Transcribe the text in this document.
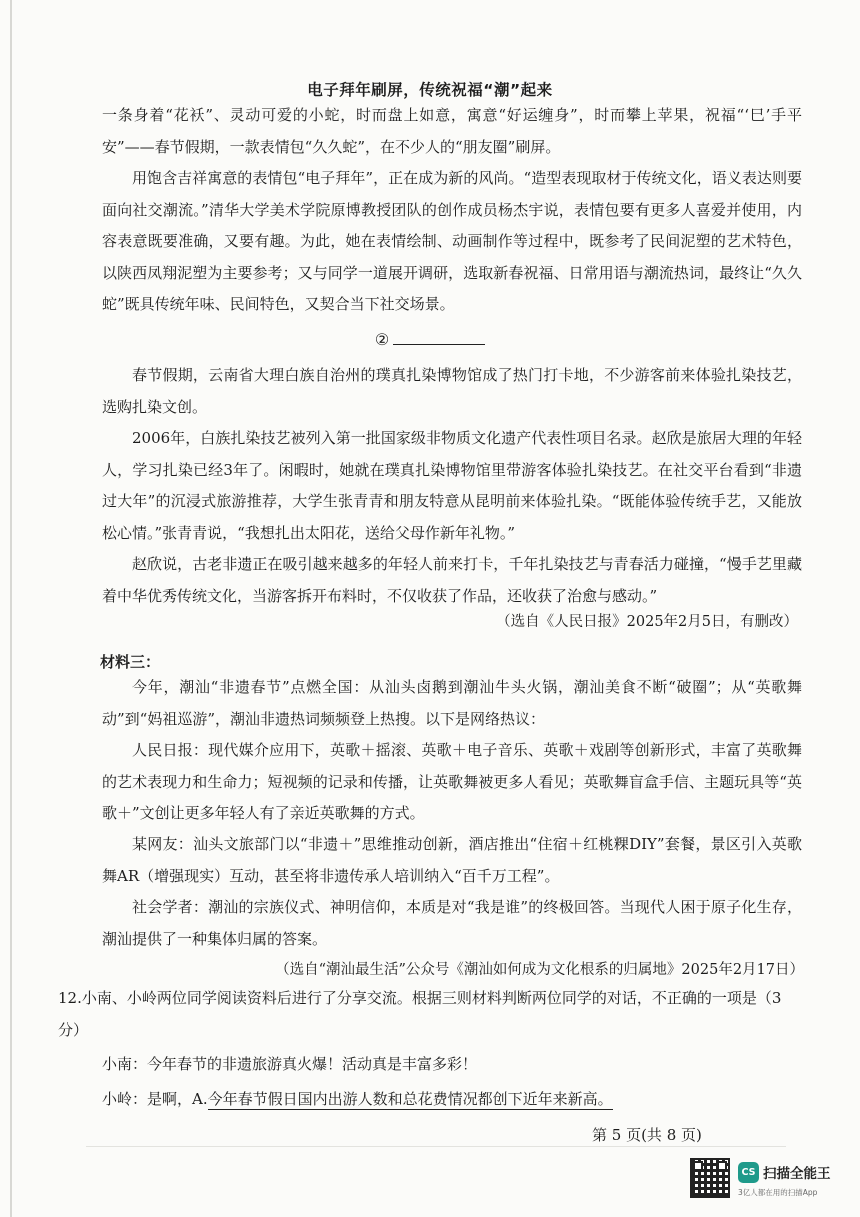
电子拜年刷屏，传统祝福“潮”起来

一条身着“花袄”、灵动可爱的小蛇，时而盘上如意，寓意“好运缠身”，时而攀上苹果，祝福“‘巳’手平安”——春节假期，一款表情包“久久蛇”，在不少人的“朋友圈”刷屏。

用饱含吉祥寓意的表情包“电子拜年”，正在成为新的风尚。“造型表现取材于传统文化，语义表达则要面向社交潮流。”清华大学美术学院原博教授团队的创作成员杨杰宇说，表情包要有更多人喜爱并使用，内容表意既要准确，又要有趣。为此，她在表情绘制、动画制作等过程中，既参考了民间泥塑的艺术特色，以陕西凤翔泥塑为主要参考；又与同学一道展开调研，选取新春祝福、日常用语与潮流热词，最终让“久久蛇”既具传统年味、民间特色，又契合当下社交场景。

②

春节假期，云南省大理白族自治州的璞真扎染博物馆成了热门打卡地，不少游客前来体验扎染技艺，选购扎染文创。

2006年，白族扎染技艺被列入第一批国家级非物质文化遗产代表性项目名录。赵欣是旅居大理的年轻人，学习扎染已经3年了。闲暇时，她就在璞真扎染博物馆里带游客体验扎染技艺。在社交平台看到“非遗过大年”的沉浸式旅游推荐，大学生张青青和朋友特意从昆明前来体验扎染。“既能体验传统手艺，又能放松心情。”张青青说，“我想扎出太阳花，送给父母作新年礼物。”

赵欣说，古老非遗正在吸引越来越多的年轻人前来打卡，千年扎染技艺与青春活力碰撞，“慢手艺里藏着中华优秀传统文化，当游客拆开布料时，不仅收获了作品，还收获了治愈与感动。”

（选自《人民日报》2025年2月5日，有删改）
材料三：

今年，潮汕“非遗春节”点燃全国：从汕头卤鹅到潮汕牛头火锅，潮汕美食不断“破圈”；从“英歌舞动”到“妈祖巡游”，潮汕非遗热词频频登上热搜。以下是网络热议：

人民日报：现代媒介应用下，英歌＋摇滚、英歌＋电子音乐、英歌＋戏剧等创新形式，丰富了英歌舞的艺术表现力和生命力；短视频的记录和传播，让英歌舞被更多人看见；英歌舞盲盒手信、主题玩具等“英歌＋”文创让更多年轻人有了亲近英歌舞的方式。

某网友：汕头文旅部门以“非遗＋”思维推动创新，酒店推出“住宿＋红桃粿DIY”套餐，景区引入英歌舞AR（增强现实）互动，甚至将非遗传承人培训纳入“百千万工程”。

社会学者：潮汕的宗族仪式、神明信仰，本质是对“我是谁”的终极回答。当现代人困于原子化生存，潮汕提供了一种集体归属的答案。

（选自“潮汕最生活”公众号《潮汕如何成为文化根系的归属地》2025年2月17日）

12.小南、小岭两位同学阅读资料后进行了分享交流。根据三则材料判断两位同学的对话，不正确的一项是（3分）

小南：今年春节的非遗旅游真火爆！活动真是丰富多彩！
小岭：是啊，A.今年春节假日国内出游人数和总花费情况都创下近年来新高。
第 5 页(共 8 页)
CS 扫描全能王
3亿人都在用的扫描App
